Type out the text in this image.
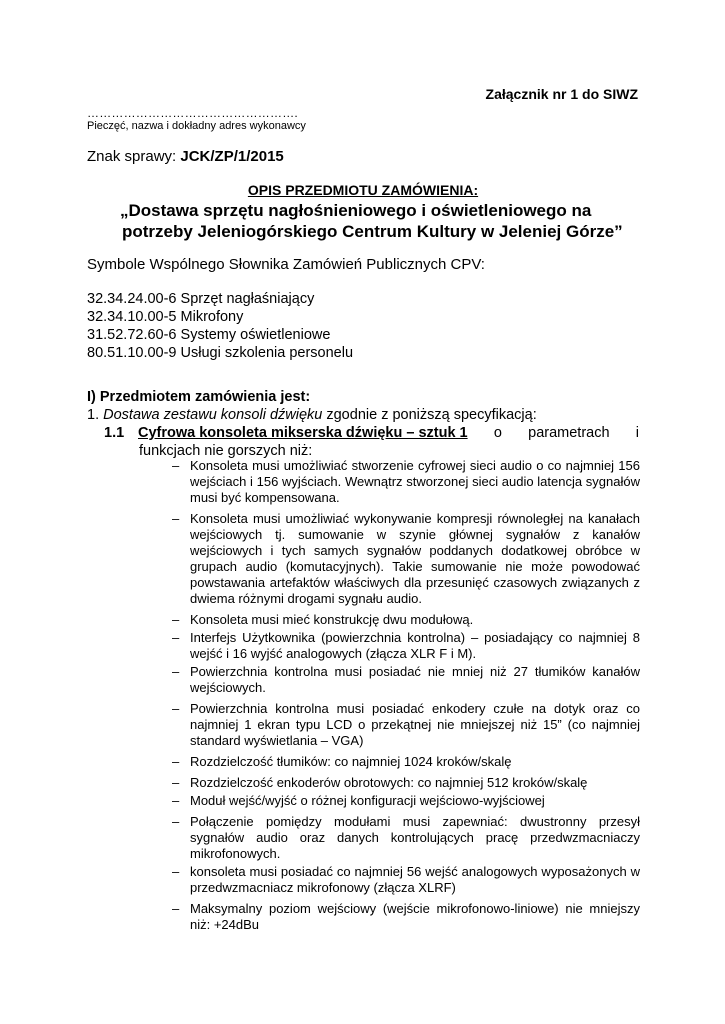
Załącznik nr 1 do SIWZ
…………………………………………….
Pieczęć, nazwa i dokładny adres wykonawcy
Znak sprawy: JCK/ZP/1/2015
OPIS PRZEDMIOTU ZAMÓWIENIA:
„Dostawa sprzętu nagłośnieniowego i oświetleniowego na
potrzeby Jeleniogórskiego Centrum Kultury w Jeleniej Górze”
Symbole Wspólnego Słownika Zamówień Publicznych CPV:
32.34.24.00-6 Sprzęt nagłaśniający
32.34.10.00-5 Mikrofony
31.52.72.60-6 Systemy oświetleniowe
80.51.10.00-9 Usługi szkolenia personelu
I) Przedmiotem zamówienia jest:
1. Dostawa zestawu konsoli dźwięku zgodnie z poniższą specyfikacją:
1.1 Cyfrowa konsoleta mikserska dźwięku – sztuk 1 o parametrach i
funkcjach nie gorszych niż:
– Konsoleta musi umożliwiać stworzenie cyfrowej sieci audio o co najmniej 156 wejściach i 156 wyjściach. Wewnątrz stworzonej sieci audio latencja sygnałów musi być kompensowana.
– Konsoleta musi umożliwiać wykonywanie kompresji równoległej na kanałach wejściowych tj. sumowanie w szynie głównej sygnałów z kanałów wejściowych i tych samych sygnałów poddanych dodatkowej obróbce w grupach audio (komutacyjnych). Takie sumowanie nie może powodować powstawania artefaktów właściwych dla przesunięć czasowych związanych z dwiema różnymi drogami sygnału audio.
– Konsoleta musi mieć konstrukcję dwu modułową.
– Interfejs Użytkownika (powierzchnia kontrolna) – posiadający co najmniej 8 wejść i 16 wyjść analogowych (złącza XLR F i M).
– Powierzchnia kontrolna musi posiadać nie mniej niż 27 tłumików kanałów wejściowych.
– Powierzchnia kontrolna musi posiadać enkodery czułe na dotyk oraz co najmniej 1 ekran typu LCD o przekątnej nie mniejszej niż 15” (co najmniej standard wyświetlania – VGA)
– Rozdzielczość tłumików: co najmniej 1024 kroków/skalę
– Rozdzielczość enkoderów obrotowych: co najmniej 512 kroków/skalę
– Moduł wejść/wyjść o różnej konfiguracji wejściowo-wyjściowej
– Połączenie pomiędzy modułami musi zapewniać: dwustronny przesył sygnałów audio oraz danych kontrolujących pracę przedwzmacniaczy mikrofonowych.
– konsoleta musi posiadać co najmniej 56 wejść analogowych wyposażonych w przedwzmacniacz mikrofonowy (złącza XLRF)
– Maksymalny poziom wejściowy (wejście mikrofonowo-liniowe) nie mniejszy niż: +24dBu
